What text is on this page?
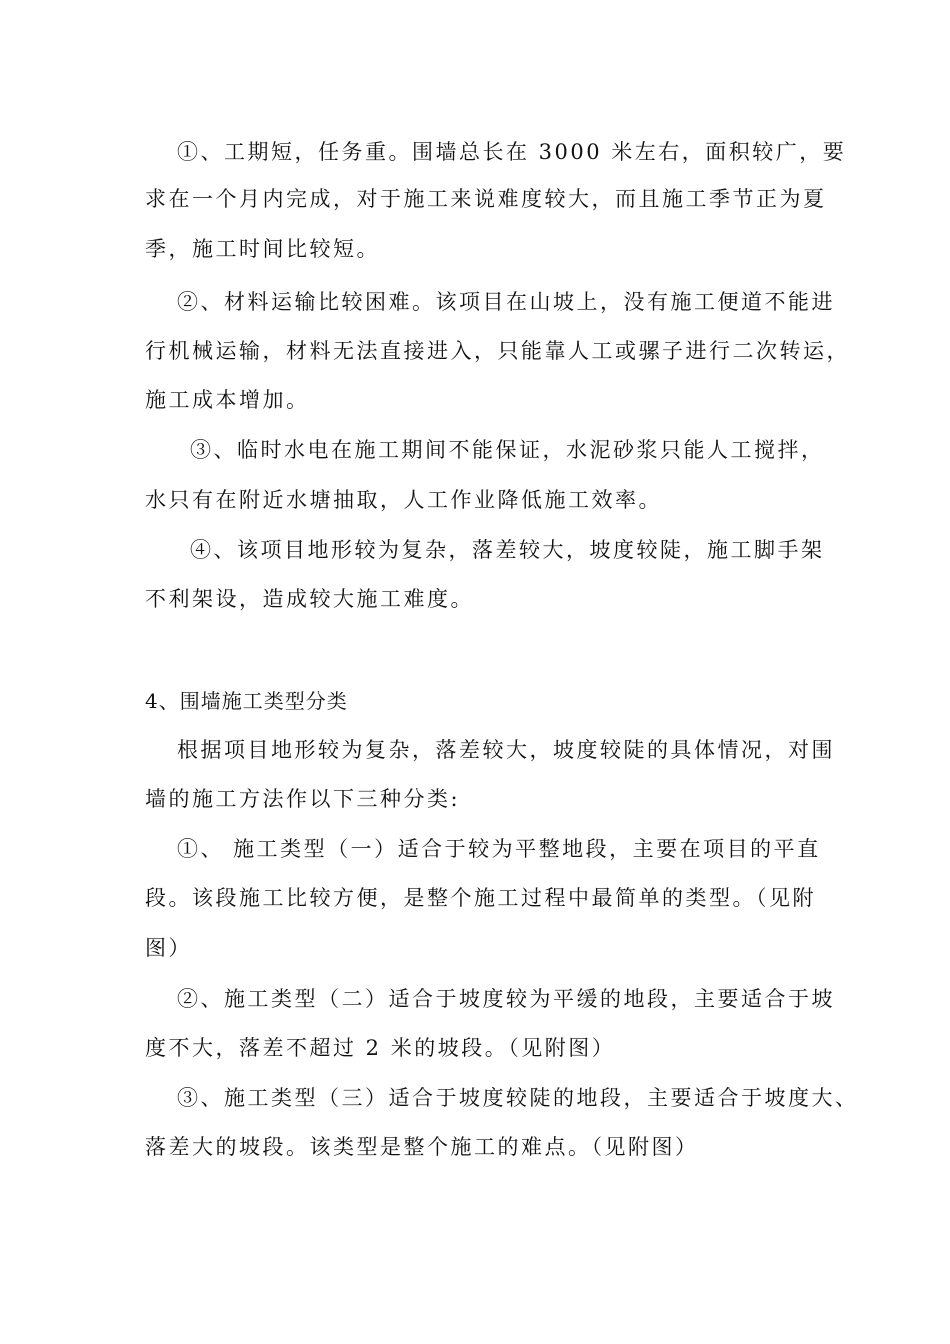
①、工期短，任务重。围墙总长在 3000 米左右，面积较广，要

求在一个月内完成，对于施工来说难度较大，而且施工季节正为夏

季，施工时间比较短。

②、材料运输比较困难。该项目在山坡上，没有施工便道不能进

行机械运输，材料无法直接进入，只能靠人工或骡子进行二次转运，

施工成本增加。

③、临时水电在施工期间不能保证，水泥砂浆只能人工搅拌，

水只有在附近水塘抽取，人工作业降低施工效率。

④、该项目地形较为复杂，落差较大，坡度较陡，施工脚手架

不利架设，造成较大施工难度。

4、围墙施工类型分类

根据项目地形较为复杂，落差较大，坡度较陡的具体情况，对围

墙的施工方法作以下三种分类:

①、 施工类型（一）适合于较为平整地段，主要在项目的平直

段。该段施工比较方便，是整个施工过程中最简单的类型。（见附

图）

②、施工类型（二）适合于坡度较为平缓的地段，主要适合于坡

度不大，落差不超过 2 米的坡段。（见附图）

③、施工类型（三）适合于坡度较陡的地段，主要适合于坡度大、

落差大的坡段。该类型是整个施工的难点。（见附图）
